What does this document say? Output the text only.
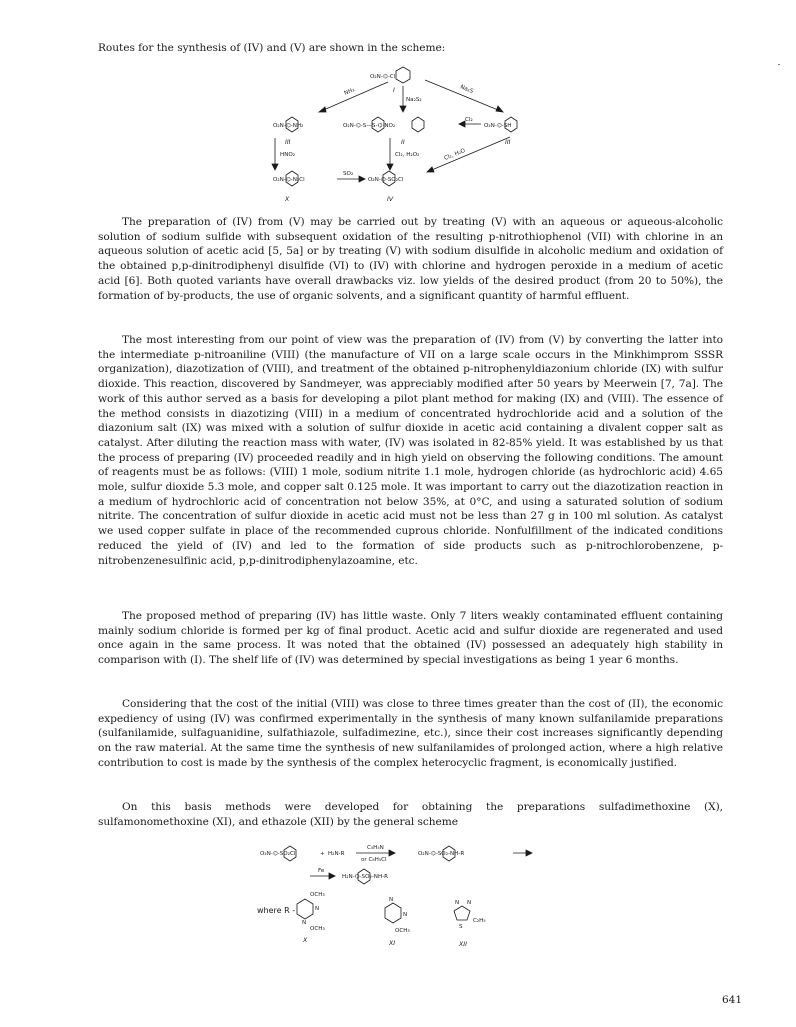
Routes for the synthesis of (IV) and (V) are shown in the scheme:

O₂N-⌬-Cl
I
NH₃
Na₂S₂
Na₂S
O₂N-⌬-NH₂
III
O₂N-⌬-S—S-⌬-NO₂
II
Cl₂
O₂N-⌬-SH
III
HNO₂	Cl₂, H₂O₂	Cl₂, H₂O
O₂N-⌬-N₂Cl
X
SO₂
O₂N-⌬-SO₂Cl
IV

The preparation of (IV) from (V) may be carried out by treating (V) with an aqueous or aqueous-alcoholic solution of sodium sulfide with subsequent oxidation of the resulting p-nitrothiophenol (VII) with chlorine in an aqueous solution of acetic acid [5, 5a] or by treating (V) with sodium disulfide in alcoholic medium and oxidation of the obtained p,p-dinitrodiphenyl disulfide (VI) to (IV) with chlorine and hydrogen peroxide in a medium of acetic acid [6]. Both quoted variants have overall drawbacks viz. low yields of the desired product (from 20 to 50%), the formation of by-products, the use of organic solvents, and a significant quantity of harmful effluent.

The most interesting from our point of view was the preparation of (IV) from (V) by converting the latter into the intermediate p-nitroaniline (VIII) (the manufacture of VII on a large scale occurs in the Minkhimprom SSSR organization), diazotization of (VIII), and treatment of the obtained p-nitrophenyldiazonium chloride (IX) with sulfur dioxide. This reaction, discovered by Sandmeyer, was appreciably modified after 50 years by Meerwein [7, 7a]. The work of this author served as a basis for developing a pilot plant method for making (IX) and (VIII). The essence of the method consists in diazotizing (VIII) in a medium of concentrated hydrochloride acid and a solution of the diazonium salt (IX) was mixed with a solution of sulfur dioxide in acetic acid containing a divalent copper salt as catalyst. After diluting the reaction mass with water, (IV) was isolated in 82-85% yield. It was established by us that the process of preparing (IV) proceeded readily and in high yield on observing the following conditions. The amount of reagents must be as follows: (VIII) 1 mole, sodium nitrite 1.1 mole, hydrogen chloride (as hydrochloric acid) 4.65 mole, sulfur dioxide 5.3 mole, and copper salt 0.125 mole. It was important to carry out the diazotization reaction in a medium of hydrochloric acid of concentration not below 35%, at 0°C, and using a saturated solution of sodium nitrite. The concentration of sulfur dioxide in acetic acid must not be less than 27 g in 100 ml solution. As catalyst we used copper sulfate in place of the recommended cuprous chloride. Nonfulfillment of the indicated conditions reduced the yield of (IV) and led to the formation of side products such as p-nitrochlorobenzene, p-nitrobenzenesulfinic acid, p,p-dinitrodiphenylazoamine, etc.

The proposed method of preparing (IV) has little waste. Only 7 liters weakly contaminated effluent containing mainly sodium chloride is formed per kg of final product. Acetic acid and sulfur dioxide are regenerated and used once again in the same process. It was noted that the obtained (IV) possessed an adequately high stability in comparison with (I). The shelf life of (IV) was determined by special investigations as being 1 year 6 months.

Considering that the cost of the initial (VIII) was close to three times greater than the cost of (II), the economic expediency of using (IV) was confirmed experimentally in the synthesis of many known sulfanilamide preparations (sulfanilamide, sulfaguanidine, sulfathiazole, sulfadimezine, etc.), since their cost increases significantly depending on the raw material. At the same time the synthesis of new sulfanilamides of prolonged action, where a high relative contribution to cost is made by the synthesis of the complex heterocyclic fragment, is economically justified.

On this basis methods were developed for obtaining the preparations sulfadimethoxine (X), sulfamonomethoxine (XI), and ethazole (XII) by the general scheme

O₂N-⌬-SO₂Cl	+ H₂N-R
C₅H₅N
or C₆H₅Cl
O₂N-⌬-SO₂-NH-R
Fe
H₂N-⌬-SO₂-NH-R
where R -
OCH₃
N
N
OCH₃
X
N
N
OCH₃
XI
N N
S
C₂H₅
XII
641
